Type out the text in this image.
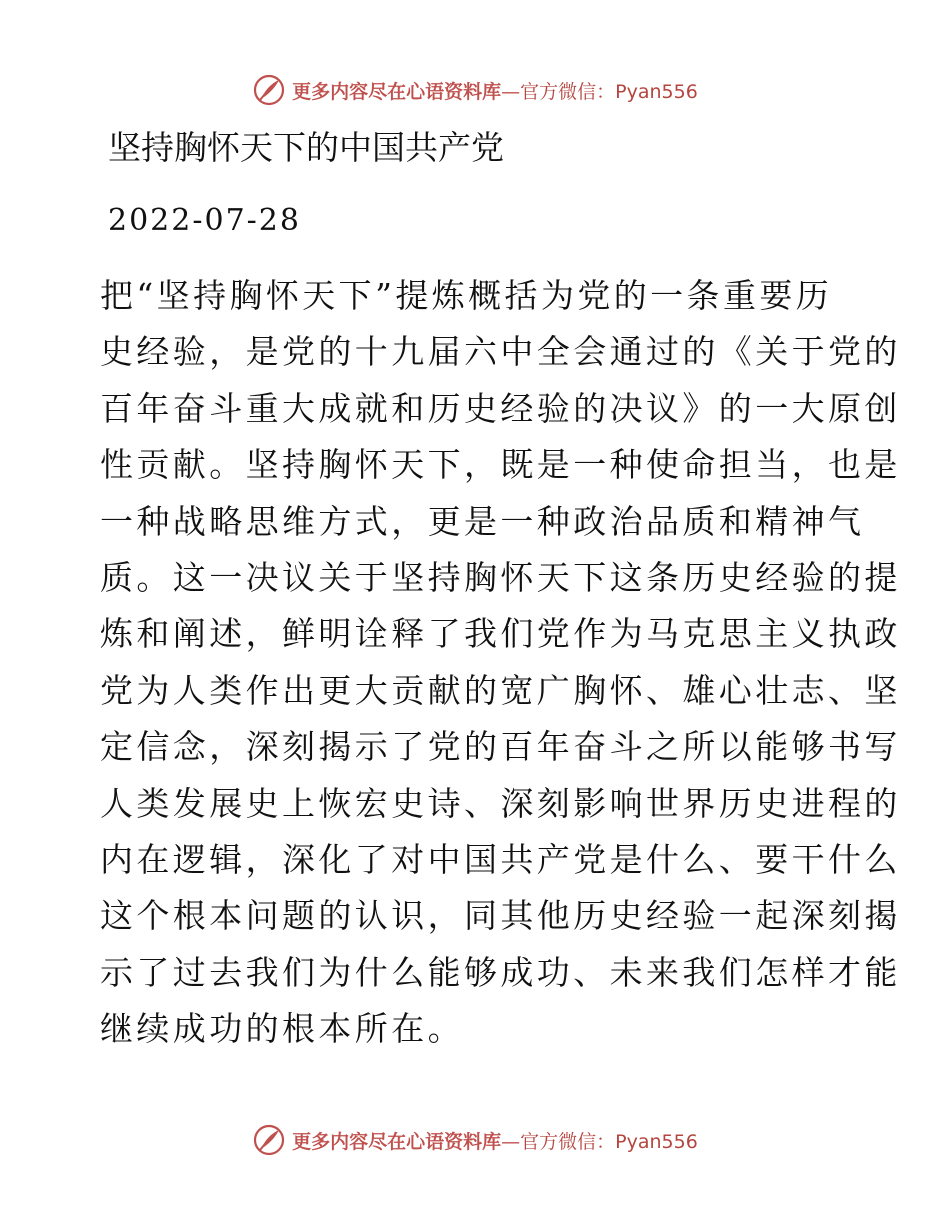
更多内容尽在心语资料库—官方微信：Pyan556
坚持胸怀天下的中国共产党
2022-07-28
把“坚持胸怀天下”提炼概括为党的一条重要历
史经验，是党的十九届六中全会通过的《关于党的
百年奋斗重大成就和历史经验的决议》的一大原创
性贡献。坚持胸怀天下，既是一种使命担当，也是
一种战略思维方式，更是一种政治品质和精神气
质。这一决议关于坚持胸怀天下这条历史经验的提
炼和阐述，鲜明诠释了我们党作为马克思主义执政
党为人类作出更大贡献的宽广胸怀、雄心壮志、坚
定信念，深刻揭示了党的百年奋斗之所以能够书写
人类发展史上恢宏史诗、深刻影响世界历史进程的
内在逻辑，深化了对中国共产党是什么、要干什么
这个根本问题的认识，同其他历史经验一起深刻揭
示了过去我们为什么能够成功、未来我们怎样才能
继续成功的根本所在。
更多内容尽在心语资料库—官方微信：Pyan556
